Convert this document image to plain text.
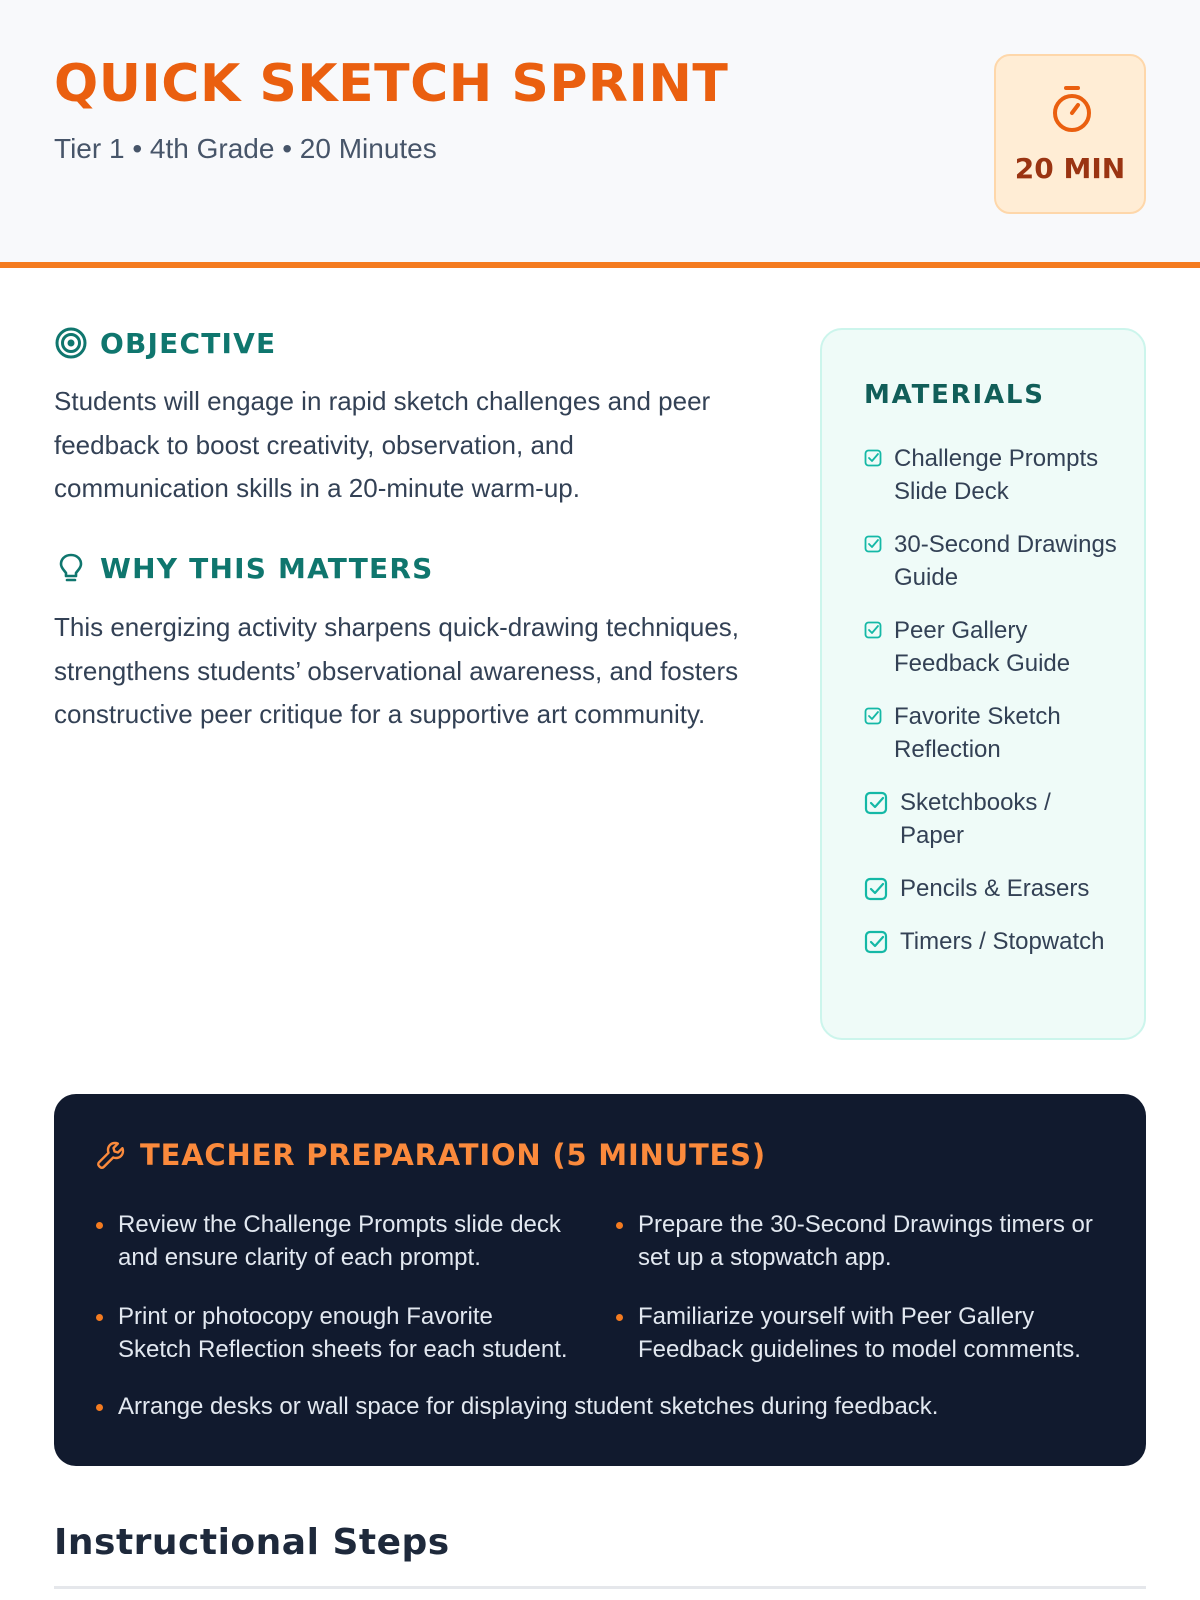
QUICK SKETCH SPRINT
Tier 1 • 4th Grade • 20 Minutes
20 MIN
OBJECTIVE

Students will engage in rapid sketch challenges and peer feedback to boost creativity, observation, and communication skills in a 20-minute warm-up.

WHY THIS MATTERS

This energizing activity sharpens quick-drawing techniques, strengthens students’ observational awareness, and fosters constructive peer critique for a supportive art community.

MATERIALS
Challenge Prompts Slide Deck
30-Second Drawings Guide
Peer Gallery Feedback Guide
Favorite Sketch Reflection
Sketchbooks / Paper
Pencils & Erasers
Timers / Stopwatch
TEACHER PREPARATION (5 MINUTES)
Review the Challenge Prompts slide deck and ensure clarity of each prompt.
Print or photocopy enough Favorite Sketch Reflection sheets for each student.
Prepare the 30-Second Drawings timers or set up a stopwatch app.
Familiarize yourself with Peer Gallery Feedback guidelines to model comments.
Arrange desks or wall space for displaying student sketches during feedback.
Instructional Steps
